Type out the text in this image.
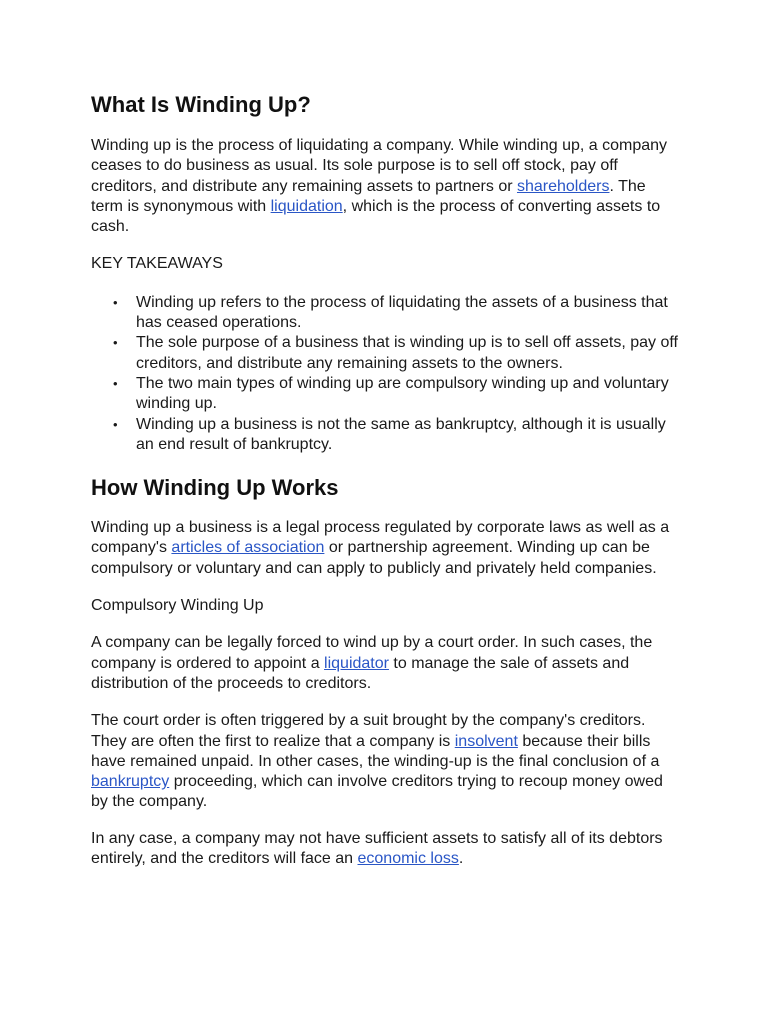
What Is Winding Up?

Winding up is the process of liquidating a company. While winding up, a company ceases to do business as usual. Its sole purpose is to sell off stock, pay off creditors, and distribute any remaining assets to partners or shareholders. The term is synonymous with liquidation, which is the process of converting assets to cash.

KEY TAKEAWAYS

• Winding up refers to the process of liquidating the assets of a business that has ceased operations.
• The sole purpose of a business that is winding up is to sell off assets, pay off creditors, and distribute any remaining assets to the owners.
• The two main types of winding up are compulsory winding up and voluntary winding up.
• Winding up a business is not the same as bankruptcy, although it is usually an end result of bankruptcy.
How Winding Up Works

Winding up a business is a legal process regulated by corporate laws as well as a company's articles of association or partnership agreement. Winding up can be compulsory or voluntary and can apply to publicly and privately held companies.

Compulsory Winding Up

A company can be legally forced to wind up by a court order. In such cases, the company is ordered to appoint a liquidator to manage the sale of assets and distribution of the proceeds to creditors.

The court order is often triggered by a suit brought by the company's creditors. They are often the first to realize that a company is insolvent because their bills have remained unpaid. In other cases, the winding-up is the final conclusion of a bankruptcy proceeding, which can involve creditors trying to recoup money owed by the company.

In any case, a company may not have sufficient assets to satisfy all of its debtors entirely, and the creditors will face an economic loss.
